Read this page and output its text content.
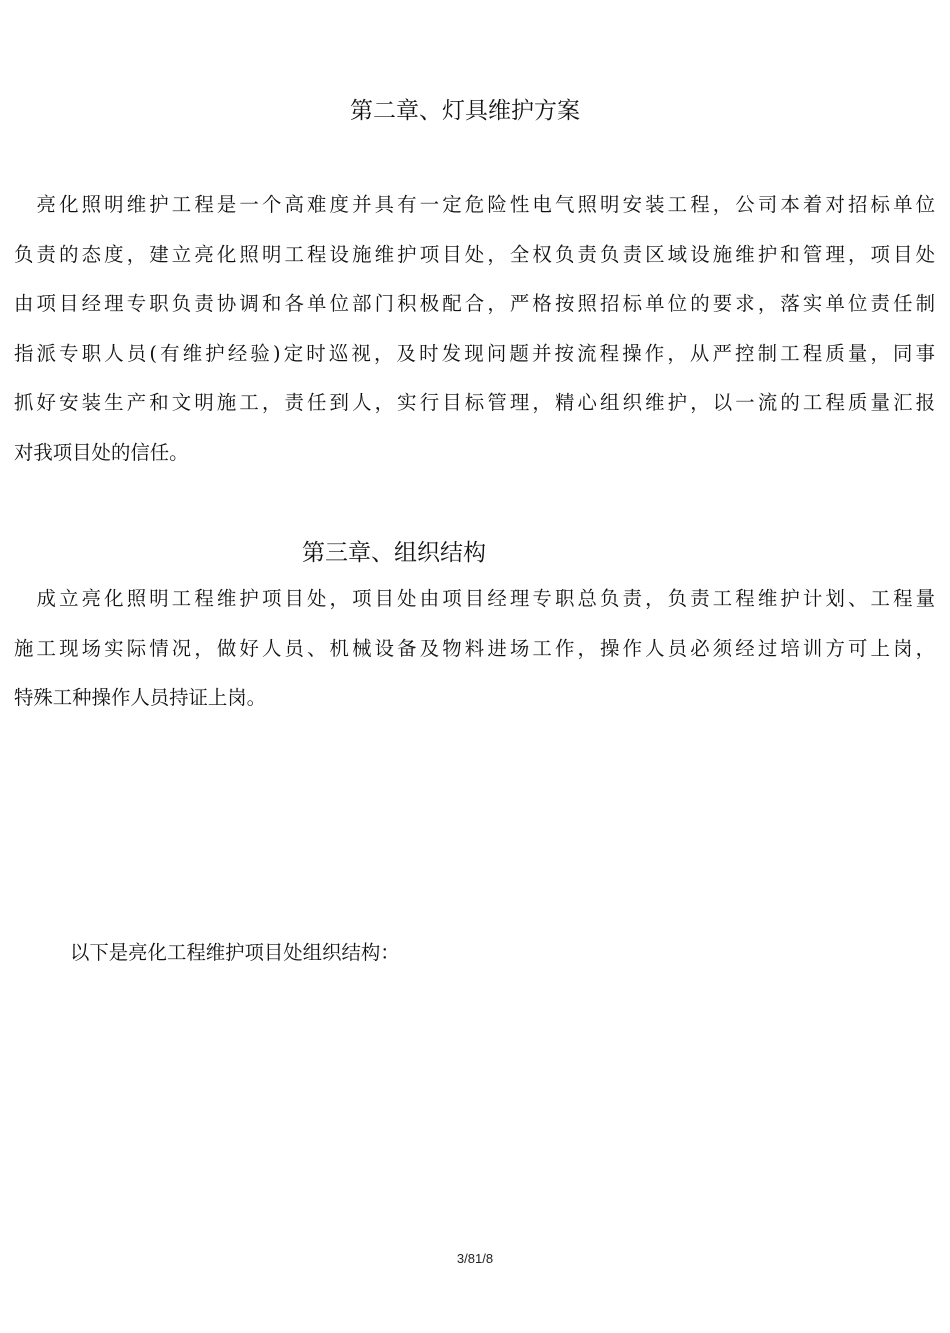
第二章、灯具维护方案
　亮化照明维护工程是一个高难度并具有一定危险性电气照明安装工程，公司本着对招标单位
负责的态度，建立亮化照明工程设施维护项目处，全权负责负责区域设施维护和管理，项目处
由项目经理专职负责协调和各单位部门积极配合，严格按照招标单位的要求，落实单位责任制
指派专职人员(有维护经验)定时巡视，及时发现问题并按流程操作，从严控制工程质量，同事
抓好安装生产和文明施工，责任到人，实行目标管理，精心组织维护，以一流的工程质量汇报
对我项目处的信任。
第三章、组织结构
　成立亮化照明工程维护项目处，项目处由项目经理专职总负责，负责工程维护计划、工程量
施工现场实际情况，做好人员、机械设备及物料进场工作，操作人员必须经过培训方可上岗，
特殊工种操作人员持证上岗。

以下是亮化工程维护项目处组织结构：

3/81/8
